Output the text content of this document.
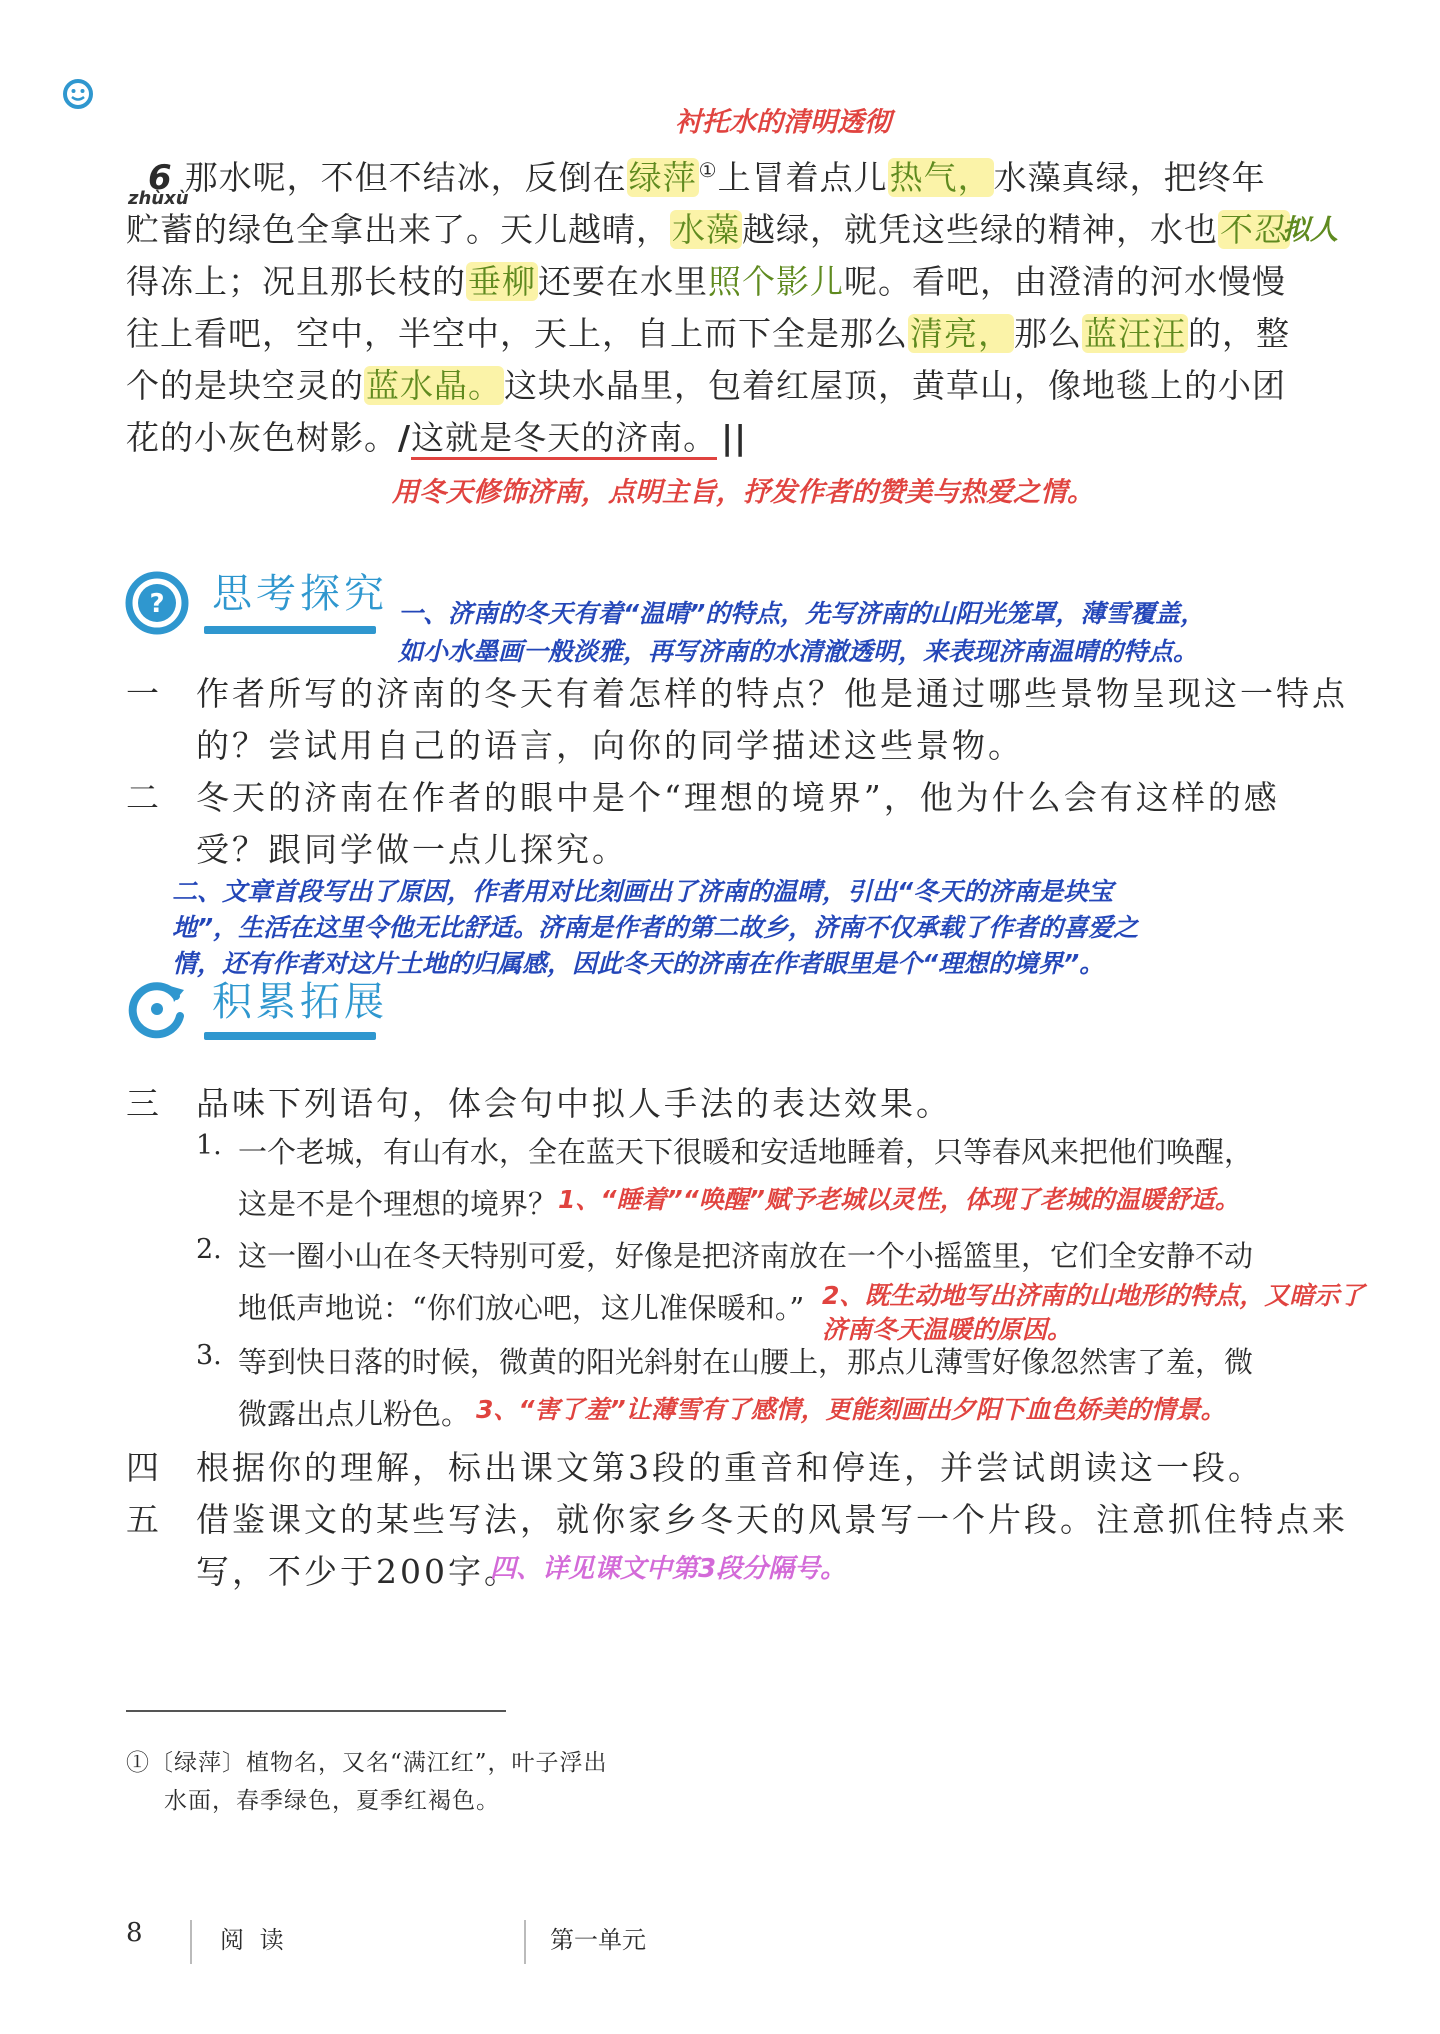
衬托水的清明透彻
zhùxù
6 那水呢，不但不结冰，反倒在绿萍 ①上冒着点儿热气，水藻真绿，把终年
贮蓄的绿色全拿出来了。天儿越晴，水藻越绿，就凭这些绿的精神，水也不忍
拟人
得冻上；况且那长枝的垂柳还要在水里照个影儿呢。看吧，由澄清的河水慢慢
往上看吧，空中，半空中，天上，自上而下全是那么清亮，那么蓝汪汪的，整
个的是块空灵的蓝水晶。这块水晶里，包着红屋顶，黄草山，像地毯上的小团
花的小灰色树影。/这就是冬天的济南。 ||
用冬天修饰济南，点明主旨，抒发作者的赞美与热爱之情。
? 思考探究 一、济南的冬天有着“温晴”的特点，先写济南的山阳光笼罩，薄雪覆盖，
如小水墨画一般淡雅，再写济南的水清澈透明，来表现济南温晴的特点。
一 作者所写的济南的冬天有着怎样的特点？他是通过哪些景物呈现这一特点
的？尝试用自己的语言，向你的同学描述这些景物。
二 冬天的济南在作者的眼中是个“理想的境界”，他为什么会有这样的感
受？跟同学做一点儿探究。
二、文章首段写出了原因，作者用对比刻画出了济南的温晴，引出“冬天的济南是块宝
地”，生活在这里令他无比舒适。济南是作者的第二故乡，济南不仅承载了作者的喜爱之
情，还有作者对这片土地的归属感，因此冬天的济南在作者眼里是个“理想的境界”。
积累拓展
三 品味下列语句，体会句中拟人手法的表达效果。
1. 一个老城，有山有水，全在蓝天下很暖和安适地睡着，只等春风来把他们唤醒，
这是不是个理想的境界？ 1、“睡着”“唤醒”赋予老城以灵性，体现了老城的温暖舒适。
2. 这一圈小山在冬天特别可爱，好像是把济南放在一个小摇篮里，它们全安静不动
地低声地说：“你们放心吧，这儿准保暖和。” 2、既生动地写出济南的山地形的特点，又暗示了
济南冬天温暖的原因。
3. 等到快日落的时候，微黄的阳光斜射在山腰上，那点儿薄雪好像忽然害了羞，微
微露出点儿粉色。 3、“害了羞”让薄雪有了感情，更能刻画出夕阳下血色娇美的情景。
四 根据你的理解，标出课文第3段的重音和停连，并尝试朗读这一段。
五 借鉴课文的某些写法，就你家乡冬天的风景写一个片段。注意抓住特点来
写，不少于200字。
四、详见课文中第3段分隔号。
①〔绿萍〕植物名，又名“满江红”，叶子浮出
水面，春季绿色，夏季红褐色。
8	阅 读	第一单元
